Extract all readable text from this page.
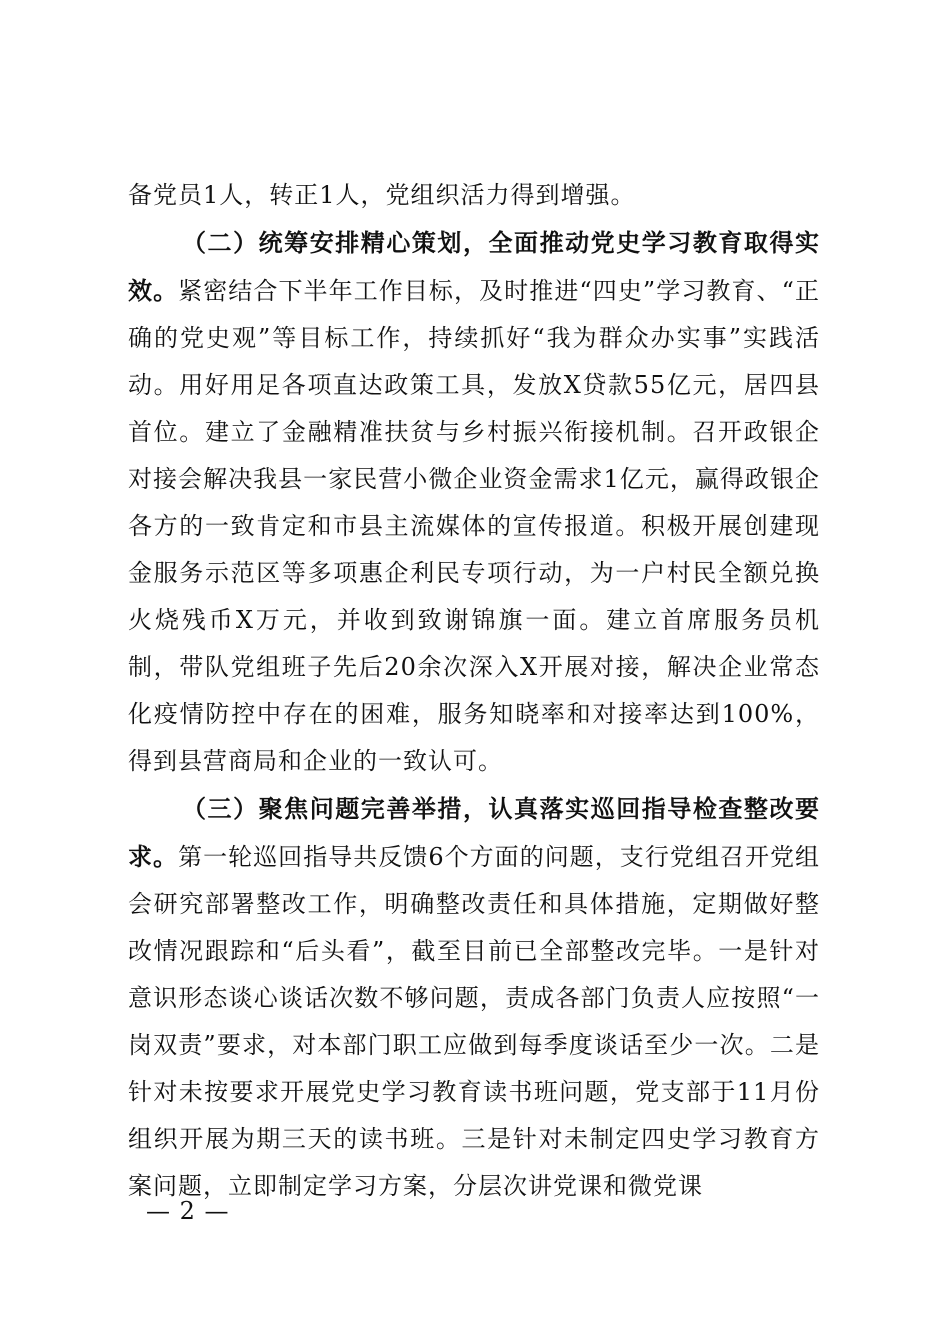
备党员1人，转正1人，党组织活力得到增强。

（二）统筹安排精心策划，全面推动党史学习教育取得实效。紧密结合下半年工作目标，及时推进“四史”学习教育、“正确的党史观”等目标工作，持续抓好“我为群众办实事”实践活动。用好用足各项直达政策工具，发放X贷款55亿元，居四县首位。建立了金融精准扶贫与乡村振兴衔接机制。召开政银企对接会解决我县一家民营小微企业资金需求1亿元，赢得政银企各方的一致肯定和市县主流媒体的宣传报道。积极开展创建现金服务示范区等多项惠企利民专项行动，为一户村民全额兑换火烧残币X万元，并收到致谢锦旗一面。建立首席服务员机制，带队党组班子先后20余次深入X开展对接，解决企业常态化疫情防控中存在的困难，服务知晓率和对接率达到100%，得到县营商局和企业的一致认可。

（三）聚焦问题完善举措，认真落实巡回指导检查整改要求。第一轮巡回指导共反馈6个方面的问题，支行党组召开党组会研究部署整改工作，明确整改责任和具体措施，定期做好整改情况跟踪和“后头看”，截至目前已全部整改完毕。一是针对意识形态谈心谈话次数不够问题，责成各部门负责人应按照“一岗双责”要求，对本部门职工应做到每季度谈话至少一次。二是针对未按要求开展党史学习教育读书班问题，党支部于11月份组织开展为期三天的读书班。三是针对未制定四史学习教育方案问题，立即制定学习方案，分层次讲党课和微党课

— 2 —
